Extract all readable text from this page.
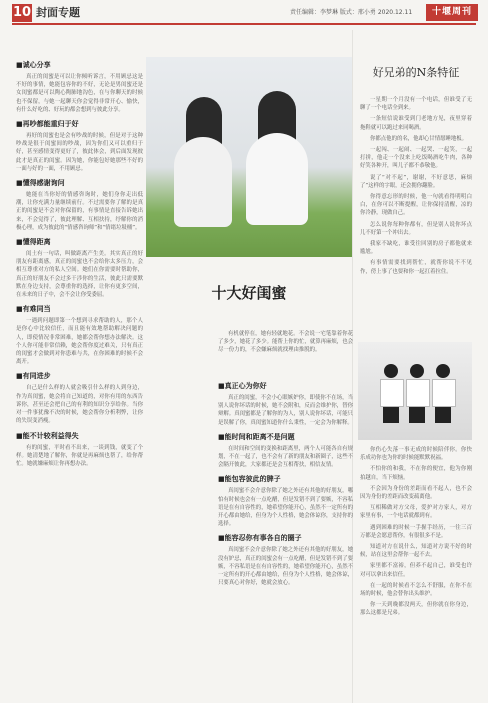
10 封面专题	责任编辑：李梦琳 版式：邢小勇 2020.12.11	十堰周刊
■诚心分享

真正的闺蜜是可以让你倾听诉言，不用顾忌这是不好的事情，她能包容你的不好，无论是男闺蜜还是女闺蜜都是可以陶心陶肺地沟色，在与你聊天的时候也不保留，与她一起聊天你会觉得非常开心、愉快，有什么好吃的、好玩的都会想到与彼此分享。

■再吵都能重归于好

再好的闺蜜也是会有吵战的时候，但是对于这种吵战是很于闺蜜间的吵战，因为你们又可以重归于好，甚至感情变得更好了，彼此体会，到后面发现彼此才是真正的闺蜜。因为她，你能包好她那些不好的一面与好的一面，不用顾忌。

■懂得感谢询问

她能在当你好的情感咨询时，她们身你走出低潮，让你充满力量继续前行。不过需要你了解的是真正的闺蜜是不会对你保留的，有事情是直接告诉她出来，不会觉得了，彼此理解、互相扶持，纾解你的消极心理，成为彼此的“情感咨询师”和“情绪垃圾桶”。

■懂得距离

闺土有一句话，叫做距离产生美。其实真正的好朋友有距离感，真正的闺蜜也不会给你太多压力，会相互尊重对方的私人空间。她们在你需要时帮助你，真正的好朋友不会过多干涉你的生活，彼此只需要默默在身边支持，会尊重你的选择，让你有更多空间，在未来的日子中，会不会让你受委屈。

■有难同当

一遇到问题即第一个想到寻求帮助的人，那个人是你心中比较信任，而且能有效地帮助解决问题的人，即使情况非常困难，她都会帮你想办法解决。这个人你可能非常信赖，她会帮你度过难关，只有真正的闺蜜才会做到对你患难与共，在你困难的时候不会离开。

■有同进步

自己是什么样的人就会吸引什么样的人到身边，作为真闺蜜，她会将自己知道的，对你有用的东西告诉你，甚至还会把自己的有利的知识分享给你。当你对一件事犹豫不决的时候，她会帮你分析利弊，让你的失误变消瘦。

■能不计较利益得失

有的闺蜜，平时看不出来，一谈到钱，就变了个样。她清楚地了解你，你就是再麻烦也帮了，给你帮忙。她就嫌麻烦让你再想办法。

十大好闺蜜

有机就停在，她有轻就地花。不会说一宅笔靠着你花了多少，她花了多少。能帮上你的忙，就算再麻烦，也会尽一份力的，不会嫌麻烦就找理由推脱的。

■真正心为你好

真正的闺蜜，不会小心眼嫉妒你，即使你不在场，当别人说你坏话的时候，她不会附和，反而会维护你，替你辩解。真闺蜜都是了解你的为人，别人说你坏话，可能只是误解了你，真闺蜜知道你什么秉性，一定会为你解释。

■能时间和距离不是问题

在时间和空间的变换和距离里，两个人可能各自有规划，不在一起了，也不会有了新的朋友和新圈子，这些不会隔开彼此，大家都还是会互相帮扶，相信友情。

■能包容彼此的脾子

真闺蜜不会介意你除了她之外还有其他的好朋友，哪怕有时候也会有一点吃醋，但是发错不到了要嫉，不容私语是在有自容性的，她希望你能开心，虽然不一定所有的开心都由她给，但身为个人性格，她会体谅你，支持你的选择。

■能容忍你有事各自的圈子

真闺蜜不会介意你除了她之外还有其他的好朋友，她没有妒忌，真正的闺蜜会有一点吃醋，但是发错不到了要嫉，不容私语是在有自容性的，她希望你能开心，虽然不一定所有的开心都由她给，但身为个人性格，她会体谅，只要真心对你好，她就会放心。

好兄弟的N条特征

一星期一个月没有一个电话，但谁受了无聊了一个电话全到来。

一条短信说谁受到门老地方见，夜里穿着拖鞋就可以跑过来同喝酒。

你都点他的的名，他却心甘情愿睡地板。

一起闯、一起闹、一起哭、一起笑，一起打拼，他走一个没来上吃饭喝酒吃牛肉，各种好笑各种开，叫儿子都不恭敬他。

说了“对不起”，谢谢，不好意思，麻烦了”这样的字眼，还会拥你翻脸。

你得意忘形的时候，他一句就看得明明白白，在你可以不断提醒，让你保持清醒，凉的你冷静，现做自己。

怎么说你每种你都有，但是别人说你坏点儿不好第一个冲出去。

我家不缺吃，谁受往回别的房子都他就来尴尬。

有事情需要找到帮忙，就帮你说不不见作，傍上事了也要和你一起扛着拉住。

你伤心失落一事无成的时候陪伴你。你快乐成功你也为你的时候能默默祝福。

不怕你的和我，不在你的便宜，他为你刚拍越自，当下烦恼。

不会因为身份的差距而看不起人，也不会因为身份的差距而改变疏离他。

互相稀做对方父母，爱护对方家人，对方家里有事，一个电话就都到有。

遇到困难的时候一手握手经历，一往三百万都是会愿意帮你，有很很多不是。

知道对方在说什么，知道对方说不好的时候，站在这里会帮你一起不去。

家里都不富裕，但养不起自己，谁受也许对可以拿出来信任。

在一起的时候看不怎么不舒服，在你不在场的时候，他会替你出头维护。

你一天到晚都没两天，但你就在你身边，那么这都是兄弟。
